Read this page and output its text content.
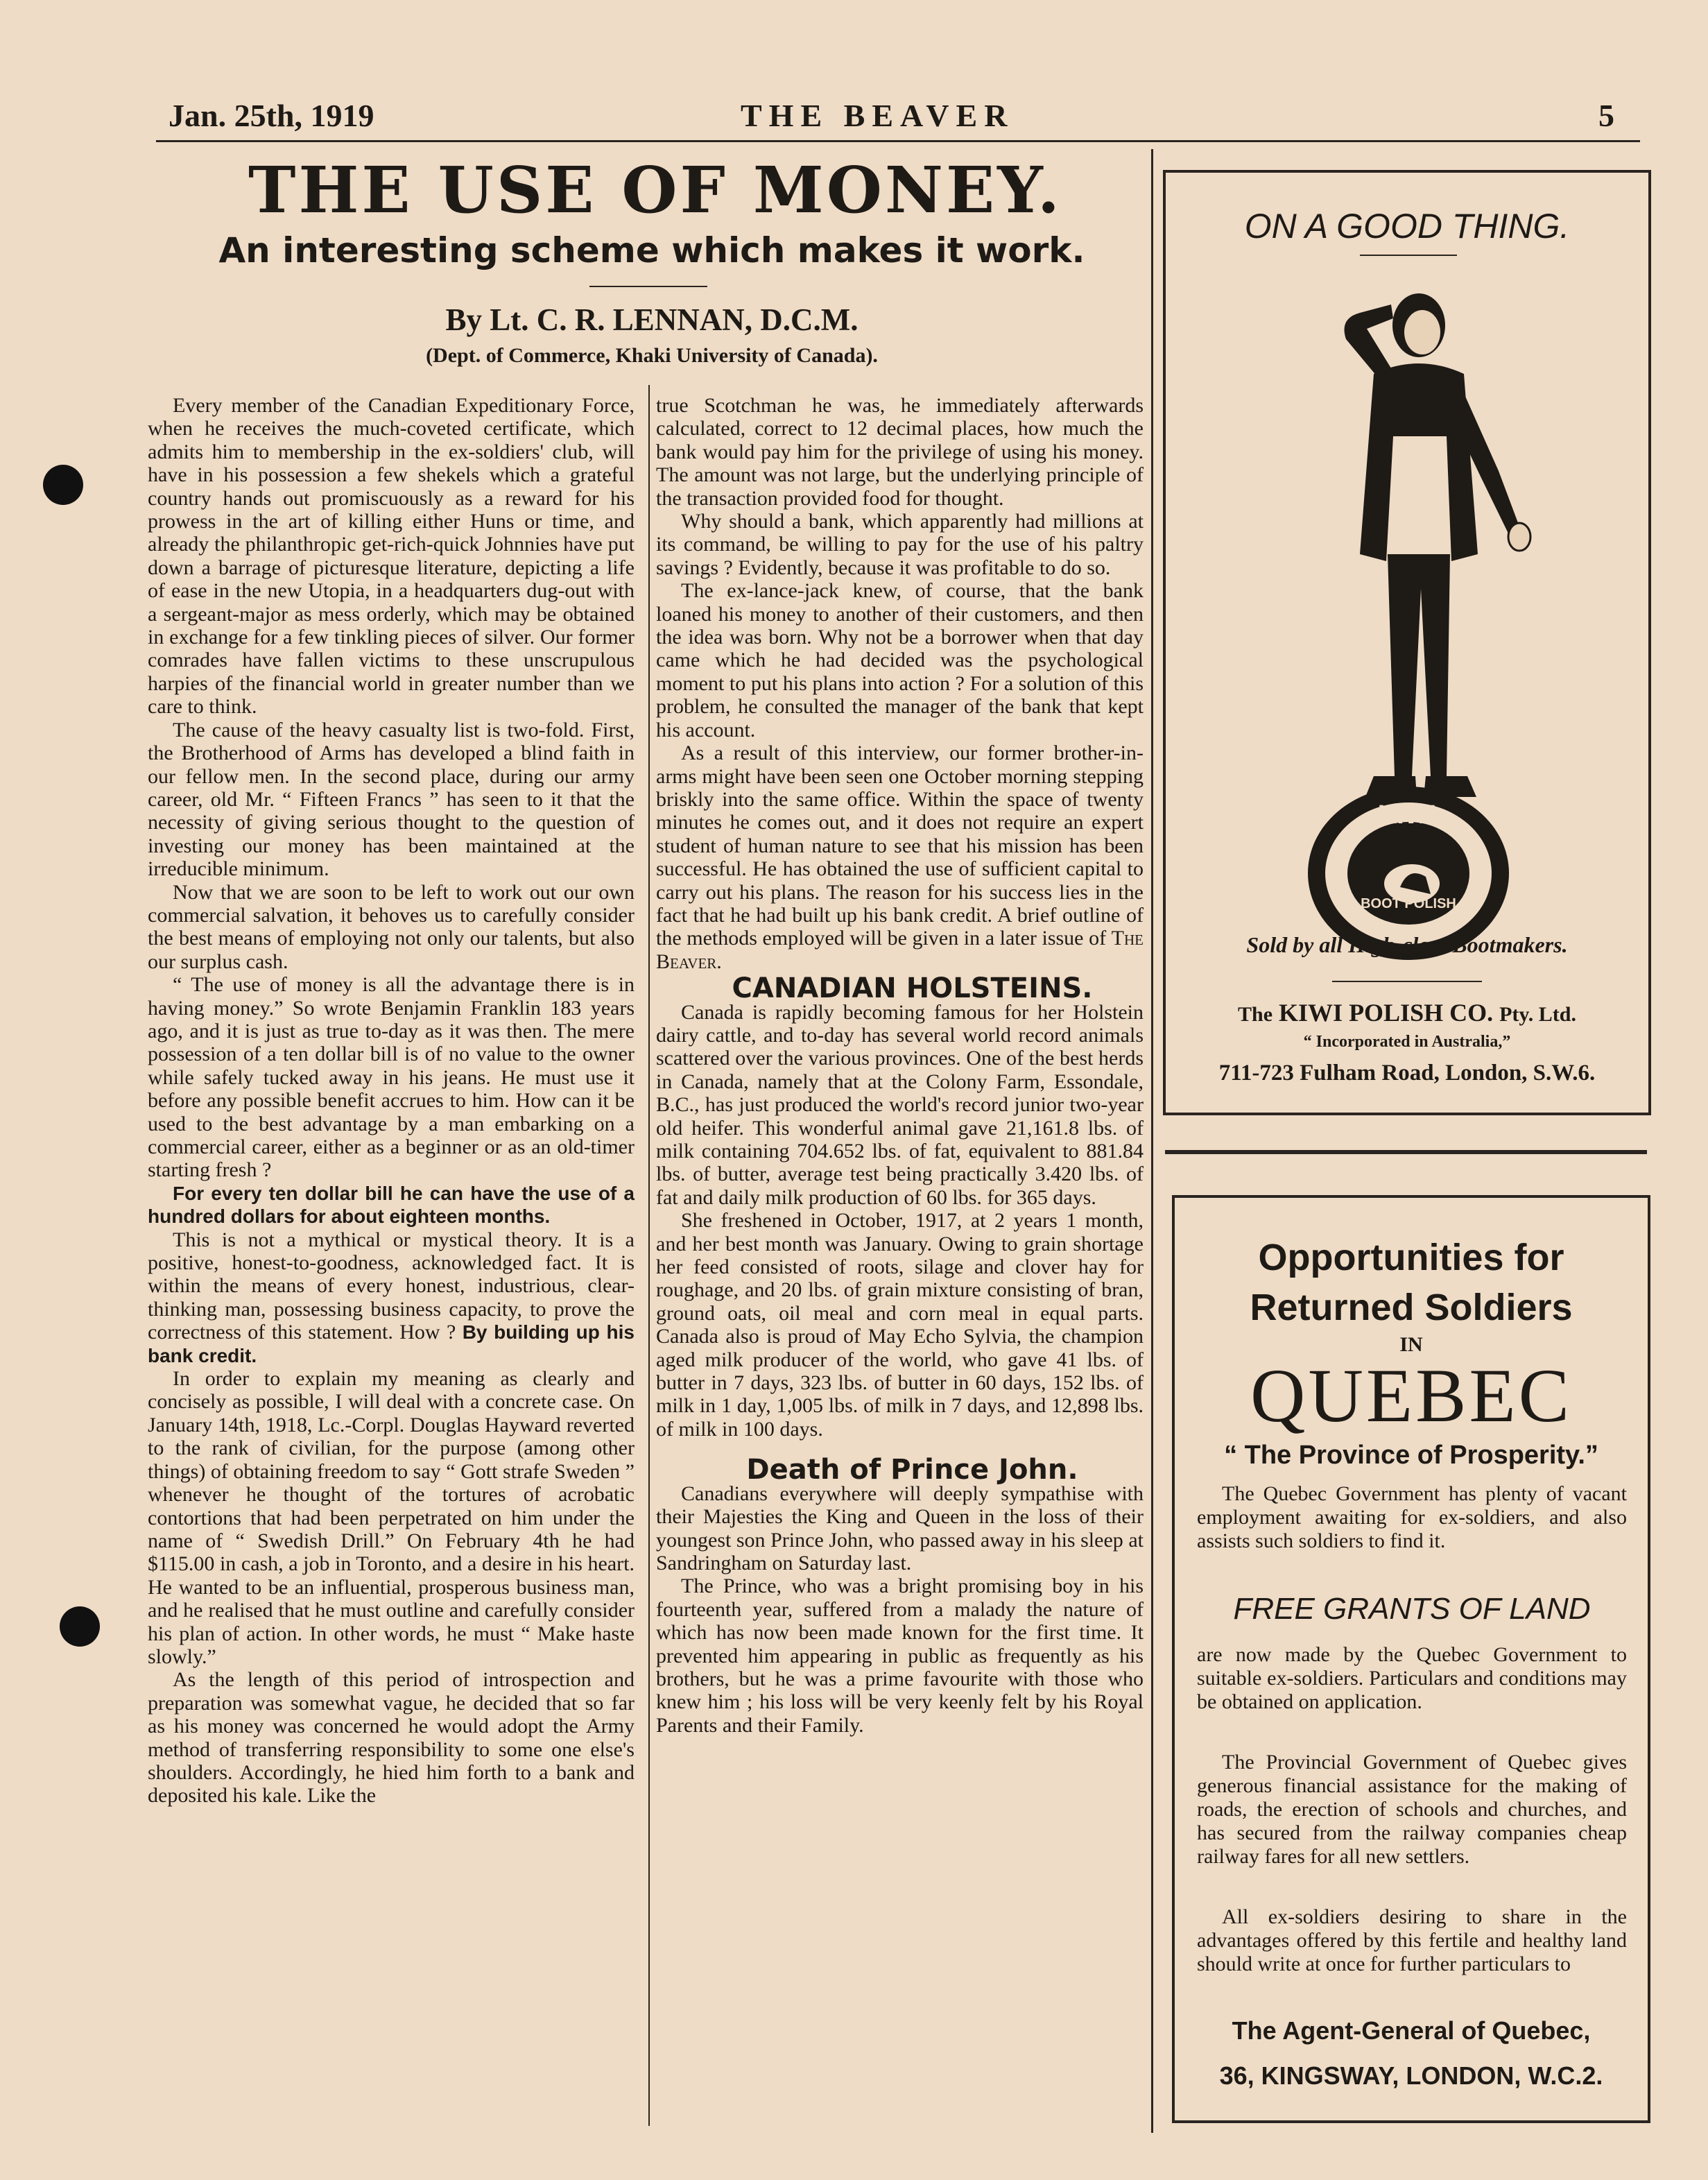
Jan. 25th, 1919	THE BEAVER	5
THE USE OF MONEY.
An interesting scheme which makes it work.
By Lt. C. R. LENNAN, D.C.M.
(Dept. of Commerce, Khaki University of Canada).

Every member of the Canadian Expeditionary Force, when he receives the much-coveted certificate, which admits him to membership in the ex-soldiers' club, will have in his possession a few shekels which a grateful country hands out promiscuously as a reward for his prowess in the art of killing either Huns or time, and already the philanthropic get-rich-quick Johnnies have put down a barrage of picturesque literature, depicting a life of ease in the new Utopia, in a headquarters dug-out with a sergeant-major as mess orderly, which may be obtained in exchange for a few tinkling pieces of silver. Our former comrades have fallen victims to these unscrupulous harpies of the financial world in greater number than we care to think.

The cause of the heavy casualty list is two-fold. First, the Brotherhood of Arms has developed a blind faith in our fellow men. In the second place, during our army career, old Mr. “ Fifteen Francs ” has seen to it that the necessity of giving serious thought to the question of investing our money has been maintained at the irreducible minimum.

Now that we are soon to be left to work out our own commercial salvation, it behoves us to carefully consider the best means of employing not only our talents, but also our surplus cash.

“ The use of money is all the advantage there is in having money.” So wrote Benjamin Franklin 183 years ago, and it is just as true to-day as it was then. The mere possession of a ten dollar bill is of no value to the owner while safely tucked away in his jeans. He must use it before any possible benefit accrues to him. How can it be used to the best advantage by a man embarking on a commercial career, either as a beginner or as an old-timer starting fresh ?

For every ten dollar bill he can have the use of a hundred dollars for about eighteen months.

This is not a mythical or mystical theory. It is a positive, honest-to-goodness, acknowledged fact. It is within the means of every honest, industrious, clear-thinking man, possessing business capacity, to prove the correctness of this statement. How ? By building up his bank credit.

In order to explain my meaning as clearly and concisely as possible, I will deal with a concrete case. On January 14th, 1918, Lc.-Corpl. Douglas Hayward reverted to the rank of civilian, for the purpose (among other things) of obtaining freedom to say “ Gott strafe Sweden ” whenever he thought of the tortures of acrobatic contortions that had been perpetrated on him under the name of “ Swedish Drill.” On February 4th he had $115.00 in cash, a job in Toronto, and a desire in his heart. He wanted to be an influential, prosperous business man, and he realised that he must outline and carefully consider his plan of action. In other words, he must “ Make haste slowly.”

As the length of this period of introspection and preparation was somewhat vague, he decided that so far as his money was concerned he would adopt the Army method of transferring responsibility to some one else's shoulders. Accordingly, he hied him forth to a bank and deposited his kale. Like the

true Scotchman he was, he immediately afterwards calculated, correct to 12 decimal places, how much the bank would pay him for the privilege of using his money. The amount was not large, but the underlying principle of the transaction provided food for thought.

Why should a bank, which apparently had millions at its command, be willing to pay for the use of his paltry savings ? Evidently, because it was profitable to do so.

The ex-lance-jack knew, of course, that the bank loaned his money to another of their customers, and then the idea was born. Why not be a borrower when that day came which he had decided was the psychological moment to put his plans into action ? For a solution of this problem, he consulted the manager of the bank that kept his account.

As a result of this interview, our former brother-in-arms might have been seen one October morning stepping briskly into the same office. Within the space of twenty minutes he comes out, and it does not require an expert student of human nature to see that his mission has been successful. He has obtained the use of sufficient capital to carry out his plans. The reason for his success lies in the fact that he had built up his bank credit. A brief outline of the methods employed will be given in a later issue of The Beaver.

CANADIAN HOLSTEINS.

Canada is rapidly becoming famous for her Holstein dairy cattle, and to-day has several world record animals scattered over the various provinces. One of the best herds in Canada, namely that at the Colony Farm, Essondale, B.C., has just produced the world's record junior two-year old heifer. This wonderful animal gave 21,161.8 lbs. of milk containing 704.652 lbs. of fat, equivalent to 881.84 lbs. of butter, average test being practically 3.420 lbs. of fat and daily milk production of 60 lbs. for 365 days.

She freshened in October, 1917, at 2 years 1 month, and her best month was January. Owing to grain shortage her feed consisted of roots, silage and clover hay for roughage, and 20 lbs. of grain mixture consisting of bran, ground oats, oil meal and corn meal in equal parts. Canada also is proud of May Echo Sylvia, the champion aged milk producer of the world, who gave 41 lbs. of butter in 7 days, 323 lbs. of butter in 60 days, 152 lbs. of milk in 1 day, 1,005 lbs. of milk in 7 days, and 12,898 lbs. of milk in 100 days.

Death of Prince John.

Canadians everywhere will deeply sympathise with their Majesties the King and Queen in the loss of their youngest son Prince John, who passed away in his sleep at Sandringham on Saturday last.

The Prince, who was a bright promising boy in his fourteenth year, suffered from a malady the nature of which has now been made known for the first time. It prevented him appearing in public as frequently as his brothers, but he was a prime favourite with those who knew him ; his loss will be very keenly felt by his Royal Parents and their Family.

ON A GOOD THING.
KIWI
BOOT POLISH
Sold by all High-class Bootmakers.
The KIWI POLISH CO. Pty. Ltd.
“ Incorporated in Australia,”
711-723 Fulham Road, London, S.W.6.
Opportunities for Returned Soldiers
IN
QUEBEC
“ The Province of Prosperity.”
The Quebec Government has plenty of vacant employment awaiting for ex-soldiers, and also assists such soldiers to find it.
FREE GRANTS OF LAND
are now made by the Quebec Government to suitable ex-soldiers. Particulars and conditions may be obtained on application.
The Provincial Government of Quebec gives generous financial assistance for the making of roads, the erection of schools and churches, and has secured from the railway companies cheap railway fares for all new settlers.
All ex-soldiers desiring to share in the advantages offered by this fertile and healthy land should write at once for further particulars to
The Agent-General of Quebec,
36, KINGSWAY, LONDON, W.C.2.
